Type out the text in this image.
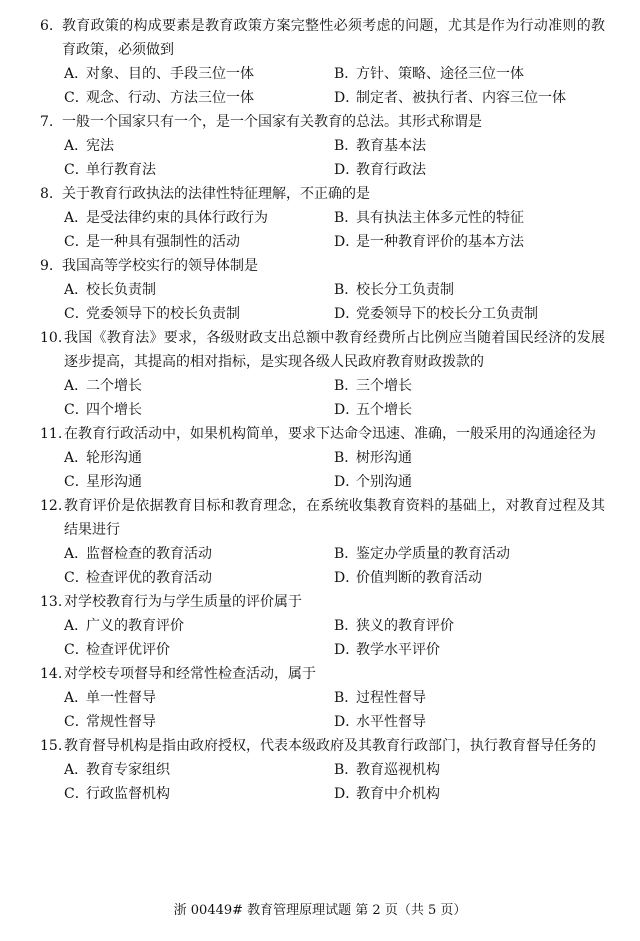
6. 教育政策的构成要素是教育政策方案完整性必须考虑的问题，尤其是作为行动准则的教育政策，必须做到
A．对象、目的、手段三位一体	B．方针、策略、途径三位一体
C．观念、行动、方法三位一体	D．制定者、被执行者、内容三位一体
7. 一般一个国家只有一个，是一个国家有关教育的总法。其形式称谓是
A．宪法	B．教育基本法
C．单行教育法	D．教育行政法
8. 关于教育行政执法的法律性特征理解，不正确的是
A．是受法律约束的具体行政行为	B．具有执法主体多元性的特征
C．是一种具有强制性的活动	D．是一种教育评价的基本方法
9. 我国高等学校实行的领导体制是
A．校长负责制	B．校长分工负责制
C．党委领导下的校长负责制	D．党委领导下的校长分工负责制
10. 我国《教育法》要求，各级财政支出总额中教育经费所占比例应当随着国民经济的发展逐步提高，其提高的相对指标，是实现各级人民政府教育财政拨款的
A．二个增长	B．三个增长
C．四个增长	D．五个增长
11. 在教育行政活动中，如果机构简单，要求下达命令迅速、准确，一般采用的沟通途径为
A．轮形沟通	B．树形沟通
C．星形沟通	D．个别沟通
12. 教育评价是依据教育目标和教育理念，在系统收集教育资料的基础上，对教育过程及其结果进行
A．监督检查的教育活动	B．鉴定办学质量的教育活动
C．检查评优的教育活动	D．价值判断的教育活动
13. 对学校教育行为与学生质量的评价属于
A．广义的教育评价	B．狭义的教育评价
C．检查评优评价	D．教学水平评价
14. 对学校专项督导和经常性检查活动，属于
A．单一性督导	B．过程性督导
C．常规性督导	D．水平性督导
15. 教育督导机构是指由政府授权，代表本级政府及其教育行政部门，执行教育督导任务的
A．教育专家组织	B．教育巡视机构
C．行政监督机构	D．教育中介机构
浙 00449# 教育管理原理试题 第 2 页（共 5 页）
